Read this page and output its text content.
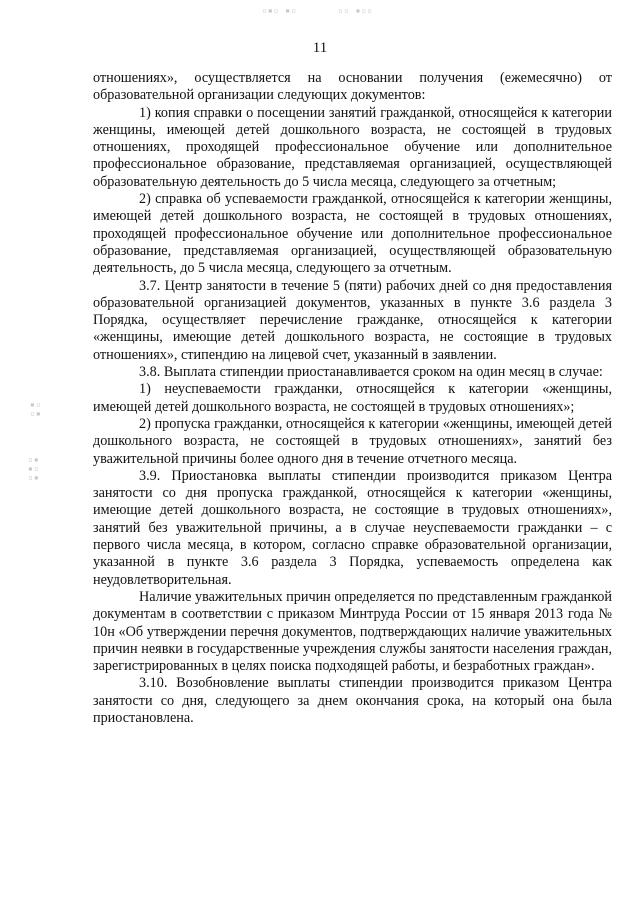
▫▪▫ ▪▫	▫▫ ▪▫▫
▪▫
▫▪
▫▪
▪▫
▫▪
11

отношениях», осуществляется на основании получения (ежемесячно) от образовательной организации следующих документов:

1) копия справки о посещении занятий гражданкой, относящейся к категории женщины, имеющей детей дошкольного возраста, не состоящей в трудовых отношениях, проходящей профессиональное обучение или дополнительное профессиональное образование, представляемая организацией, осуществляющей образовательную деятельность до 5 числа месяца, следующего за отчетным;

2) справка об успеваемости гражданкой, относящейся к категории женщины, имеющей детей дошкольного возраста, не состоящей в трудовых отношениях, проходящей профессиональное обучение или дополнительное профессиональное образование, представляемая организацией, осуществляющей образовательную деятельность, до 5 числа месяца, следующего за отчетным.

3.7. Центр занятости в течение 5 (пяти) рабочих дней со дня предоставления образовательной организацией документов, указанных в пункте 3.6 раздела 3 Порядка, осуществляет перечисление гражданке, относящейся к категории «женщины, имеющие детей дошкольного возраста, не состоящие в трудовых отношениях», стипендию на лицевой счет, указанный в заявлении.

3.8. Выплата стипендии приостанавливается сроком на один месяц в случае:

1) неуспеваемости гражданки, относящейся к категории «женщины, имеющей детей дошкольного возраста, не состоящей в трудовых отношениях»;

2) пропуска гражданки, относящейся к категории «женщины, имеющей детей дошкольного возраста, не состоящей в трудовых отношениях», занятий без уважительной причины более одного дня в течение отчетного месяца.

3.9. Приостановка выплаты стипендии производится приказом Центра занятости со дня пропуска гражданкой, относящейся к категории «женщины, имеющие детей дошкольного возраста, не состоящие в трудовых отношениях», занятий без уважительной причины, а в случае неуспеваемости гражданки – с первого числа месяца, в котором, согласно справке образовательной организации, указанной в пункте 3.6 раздела 3 Порядка, успеваемость определена как неудовлетворительная.

Наличие уважительных причин определяется по представленным гражданкой документам в соответствии с приказом Минтруда России от 15 января 2013 года № 10н «Об утверждении перечня документов, подтверждающих наличие уважительных причин неявки в государственные учреждения службы занятости населения граждан, зарегистрированных в целях поиска подходящей работы, и безработных граждан».

3.10. Возобновление выплаты стипендии производится приказом Центра занятости со дня, следующего за днем окончания срока, на который она была приостановлена.
